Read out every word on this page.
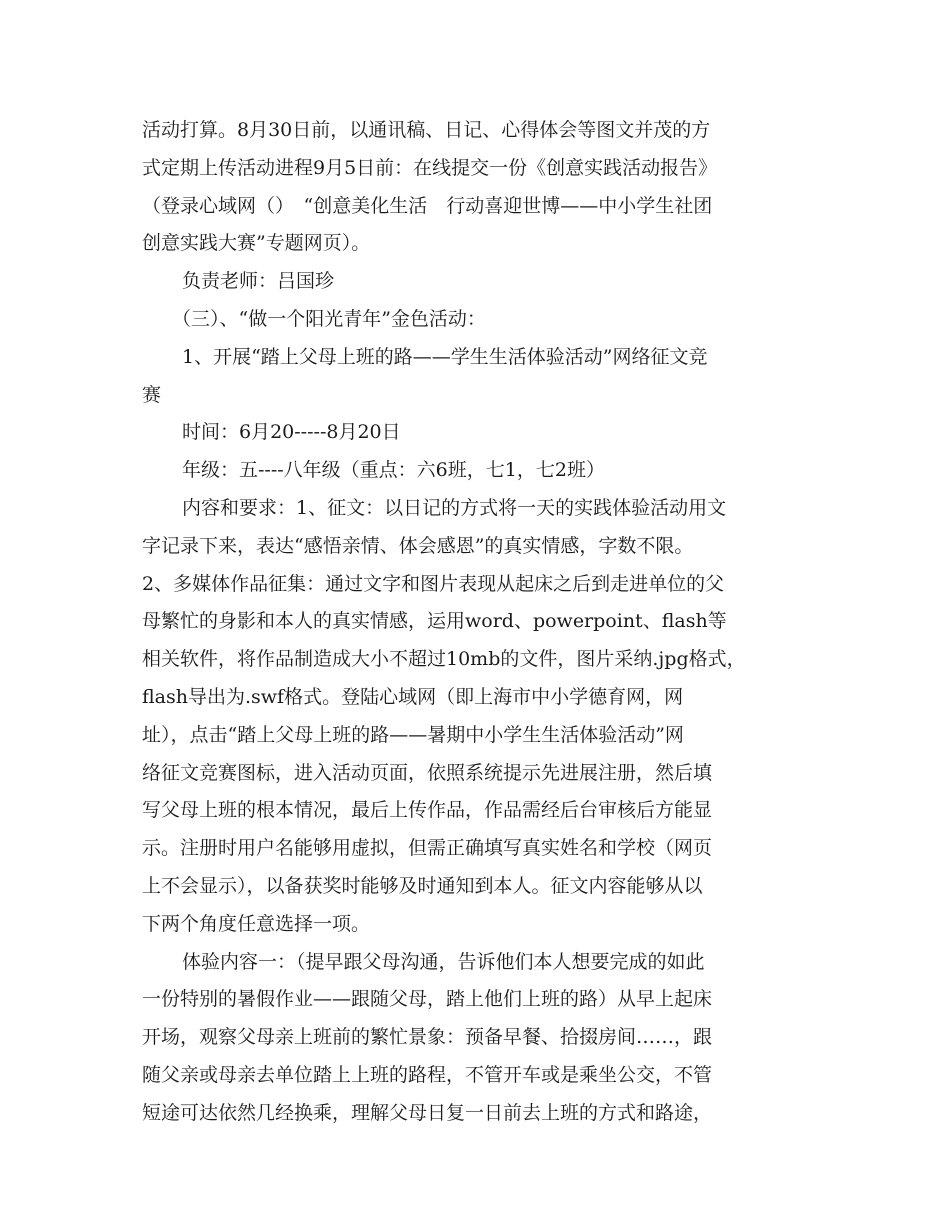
活动打算。8月30日前，以通讯稿、日记、心得体会等图文并茂的方
式定期上传活动进程9月5日前：在线提交一份《创意实践活动报告》
（登录心域网（）　“创意美化生活　行动喜迎世博——中小学生社团
创意实践大赛”专题网页）。
负责老师：吕国珍
（三）、“做一个阳光青年”金色活动：
1、开展“踏上父母上班的路——学生生活体验活动”网络征文竞
赛
时间：6月20-----8月20日
年级：五----八年级（重点：六6班，七1，七2班）
内容和要求：1、征文：以日记的方式将一天的实践体验活动用文
字记录下来，表达“感悟亲情、体会感恩”的真实情感，字数不限。
2、多媒体作品征集：通过文字和图片表现从起床之后到走进单位的父
母繁忙的身影和本人的真实情感，运用word、powerpoint、flash等
相关软件，将作品制造成大小不超过10mb的文件，图片采纳.jpg格式，
flash导出为.swf格式。登陆心域网（即上海市中小学德育网，网
址），点击“踏上父母上班的路——暑期中小学生生活体验活动”网
络征文竞赛图标，进入活动页面，依照系统提示先进展注册，然后填
写父母上班的根本情况，最后上传作品，作品需经后台审核后方能显
示。注册时用户名能够用虚拟，但需正确填写真实姓名和学校（网页
上不会显示），以备获奖时能够及时通知到本人。征文内容能够从以
下两个角度任意选择一项。
体验内容一：（提早跟父母沟通，告诉他们本人想要完成的如此
一份特别的暑假作业——跟随父母，踏上他们上班的路）从早上起床
开场，观察父母亲上班前的繁忙景象：预备早餐、拾掇房间……，跟
随父亲或母亲去单位踏上上班的路程，不管开车或是乘坐公交，不管
短途可达依然几经换乘，理解父母日复一日前去上班的方式和路途，
